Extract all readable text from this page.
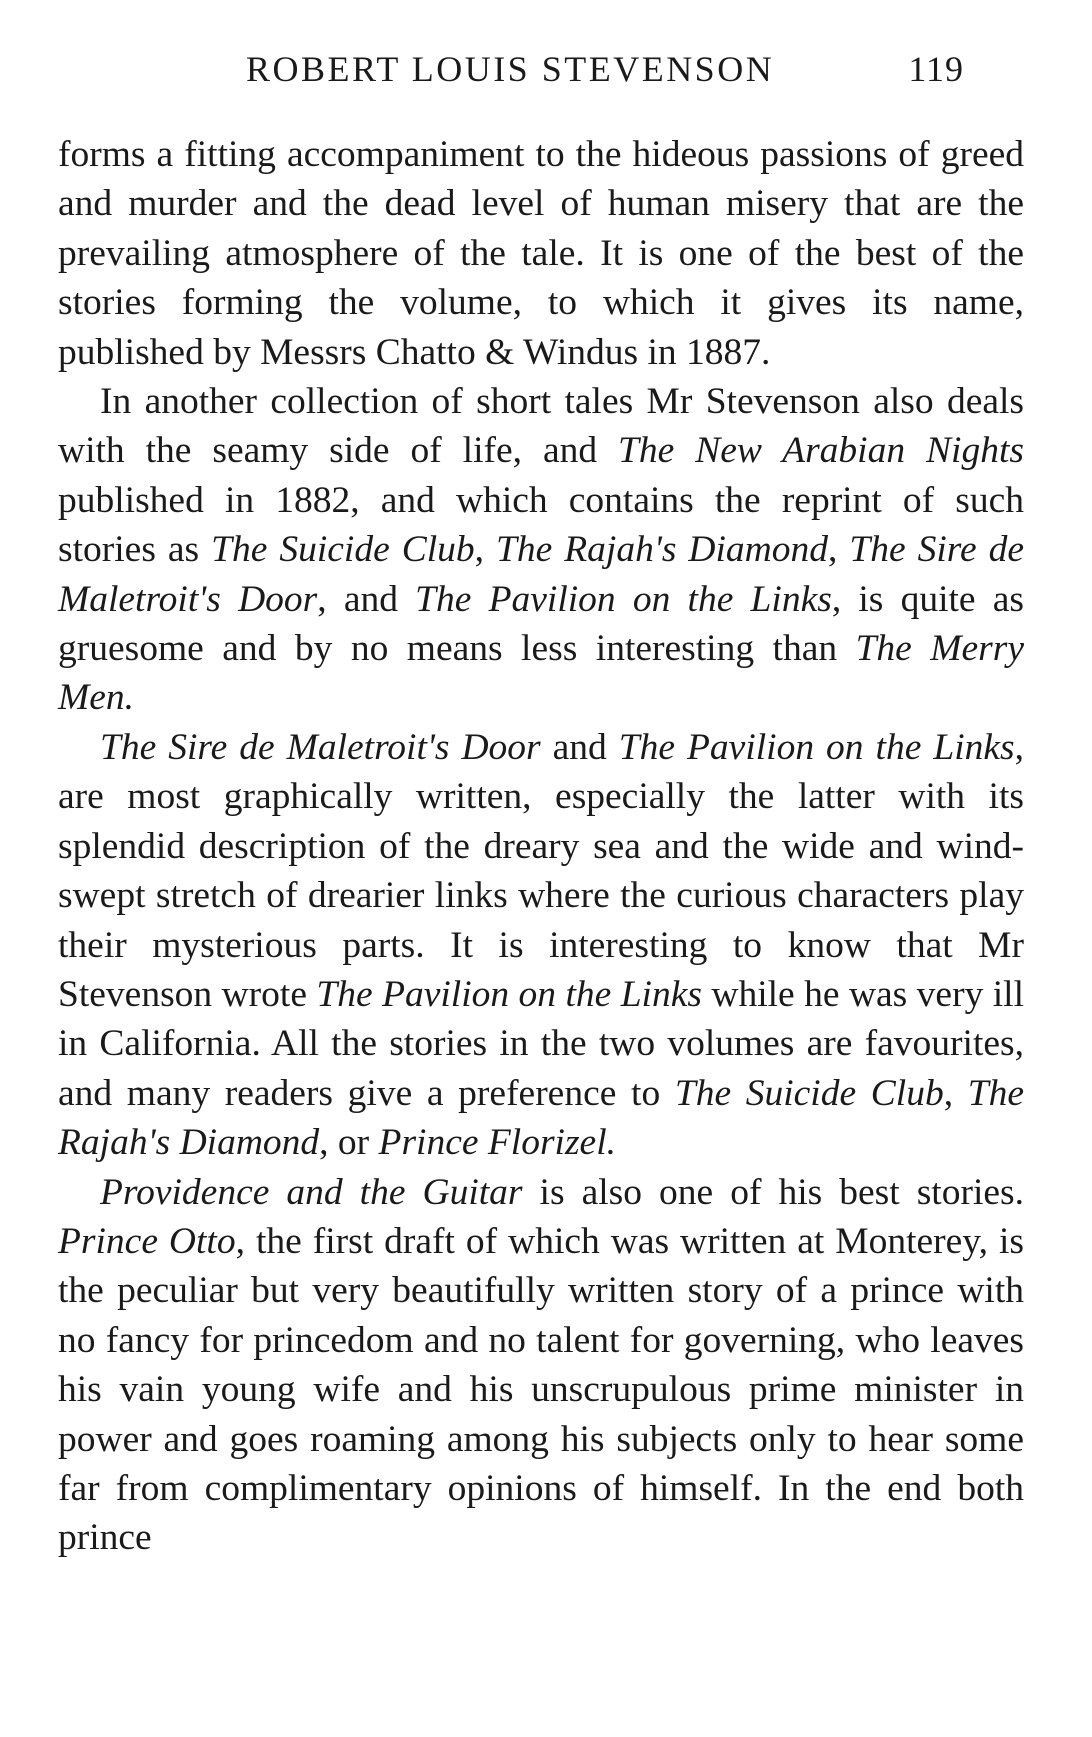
ROBERT LOUIS STEVENSON	119

forms a fitting accompaniment to the hideous passions of greed and murder and the dead level of human misery that are the prevailing atmosphere of the tale. It is one of the best of the stories forming the volume, to which it gives its name, published by Messrs Chatto & Windus in 1887.

In another collection of short tales Mr Stevenson also deals with the seamy side of life, and The New Arabian Nights published in 1882, and which contains the reprint of such stories as The Suicide Club, The Rajah's Diamond, The Sire de Maletroit's Door, and The Pavilion on the Links, is quite as gruesome and by no means less interesting than The Merry Men.

The Sire de Maletroit's Door and The Pavilion on the Links, are most graphically written, especially the latter with its splendid description of the dreary sea and the wide and wind-swept stretch of drearier links where the curious characters play their mysterious parts. It is interesting to know that Mr Stevenson wrote The Pavilion on the Links while he was very ill in California. All the stories in the two volumes are favourites, and many readers give a preference to The Suicide Club, The Rajah's Diamond, or Prince Florizel.

Providence and the Guitar is also one of his best stories. Prince Otto, the first draft of which was written at Monterey, is the peculiar but very beautifully written story of a prince with no fancy for princedom and no talent for governing, who leaves his vain young wife and his unscrupulous prime minister in power and goes roaming among his subjects only to hear some far from complimentary opinions of himself. In the end both prince
